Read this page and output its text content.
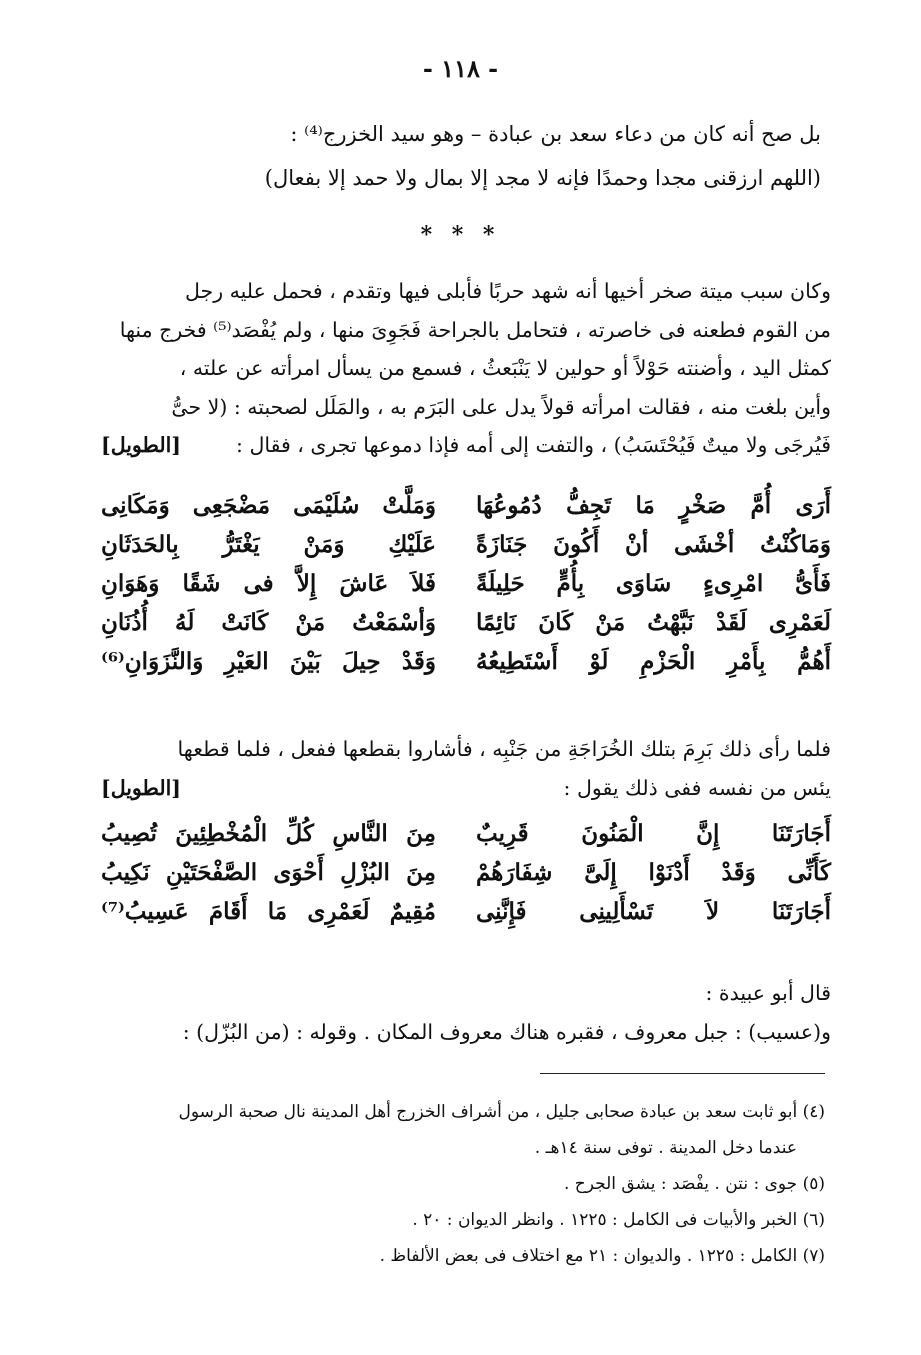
- ١١٨ -
بل صح أنه كان من دعاء سعد بن عبادة – وهو سيد الخزرج⁽⁴⁾ :
(اللهم ارزقنى مجدا وحمدًا فإنه لا مجد إلا بمال ولا حمد إلا بفعال)
* * *
وكان سبب ميتة صخر أخيها أنه شهد حربًا فأبلى فيها وتقدم ، فحمل عليه رجل
من القوم فطعنه فى خاصرته ، فتحامل بالجراحة فَجَوِىَ منها ، ولم يُفْصَد⁽⁵⁾ فخرج منها
كمثل اليد ، وأضنته حَوْلاً أو حولين لا يَنْبَعثُ ، فسمع من يسأل امرأته عن علته ،
وأين بلغت منه ، فقالت امرأته قولاً يدل على البَرَم به ، والمَلَل لصحبته : (لا حىُّ
فَيُرجَى ولا ميتٌ فَيُحْتَسَبُ) ، والتفت إلى أمه فإذا دموعها تجرى ، فقال :
[الطويل]
أَرَى أُمَّ صَخْرٍ مَا تَجِفُّ دُمُوعُهَا
وَمَلَّتْ سُلَيْمَى مَضْجَعِى وَمَكَانِى
وَمَاكُنْتُ أخْشَى أنْ أَكُونَ جَنَازَةً
عَلَيْكِ وَمَنْ يَغْتَرُّ بِالحَدَثَانِ
فَأَىُّ امْرِىءٍ سَاوَى بِأُمٍّ حَلِيلَةً
فَلاَ عَاشَ إِلاَّ فى شَقًا وَهَوَانِ
لَعَمْرِى لَقَدْ نَبَّهْتُ مَنْ كَانَ نَائِمًا
وَأسْمَعْتُ مَنْ كَانَتْ لَهُ أُذُنَانِ
أَهُمُّ بِأَمْرِ الْحَزْمِ لَوْ أَسْتَطِيعُهُ
وَقَدْ حِيلَ بَيْنَ العَيْرِ وَالنَّزَوَانِ⁽⁶⁾
فلما رأى ذلك بَرِمَ بتلك الخُرَاجَةِ من جَنْبِه ، فأشاروا بقطعها ففعل ، فلما قطعها
يئس من نفسه ففى ذلك يقول :
[الطويل]
أَجَارَتَنَا إِنَّ الْمَنُونَ قَرِيبٌ
مِنَ النَّاسِ كُلِّ الْمُخْطِئِينَ تُصِيبُ
كَأَنِّى وَقَدْ أَدْنَوْا إِلَىَّ شِفَارَهُمْ
مِنَ البُزْلِ أَحْوَى الصَّفْحَتَيْنِ نَكِيبُ
أَجَارَتَنَا لاَ تَسْأَلِينِى فَإِنَّنِى
مُقِيمٌ لَعَمْرِى مَا أَقَامَ عَسِيبُ⁽⁷⁾
قال أبو عبيدة :
و(عسيب) : جبل معروف ، فقبره هناك معروف المكان . وقوله : (من البُزّل) :
(٤) أبو ثابت سعد بن عبادة صحابى جليل ، من أشراف الخزرج أهل المدينة نال صحبة الرسول
عندما دخل المدينة . توفى سنة ١٤هـ .
(٥) جوى : نتن . يفْصَد : يشق الجرح .
(٦) الخبر والأبيات فى الكامل : ١٢٢٥ . وانظر الديوان : ٢٠ .
(٧) الكامل : ١٢٢٥ . والديوان : ٢١ مع اختلاف فى بعض الألفاظ .
